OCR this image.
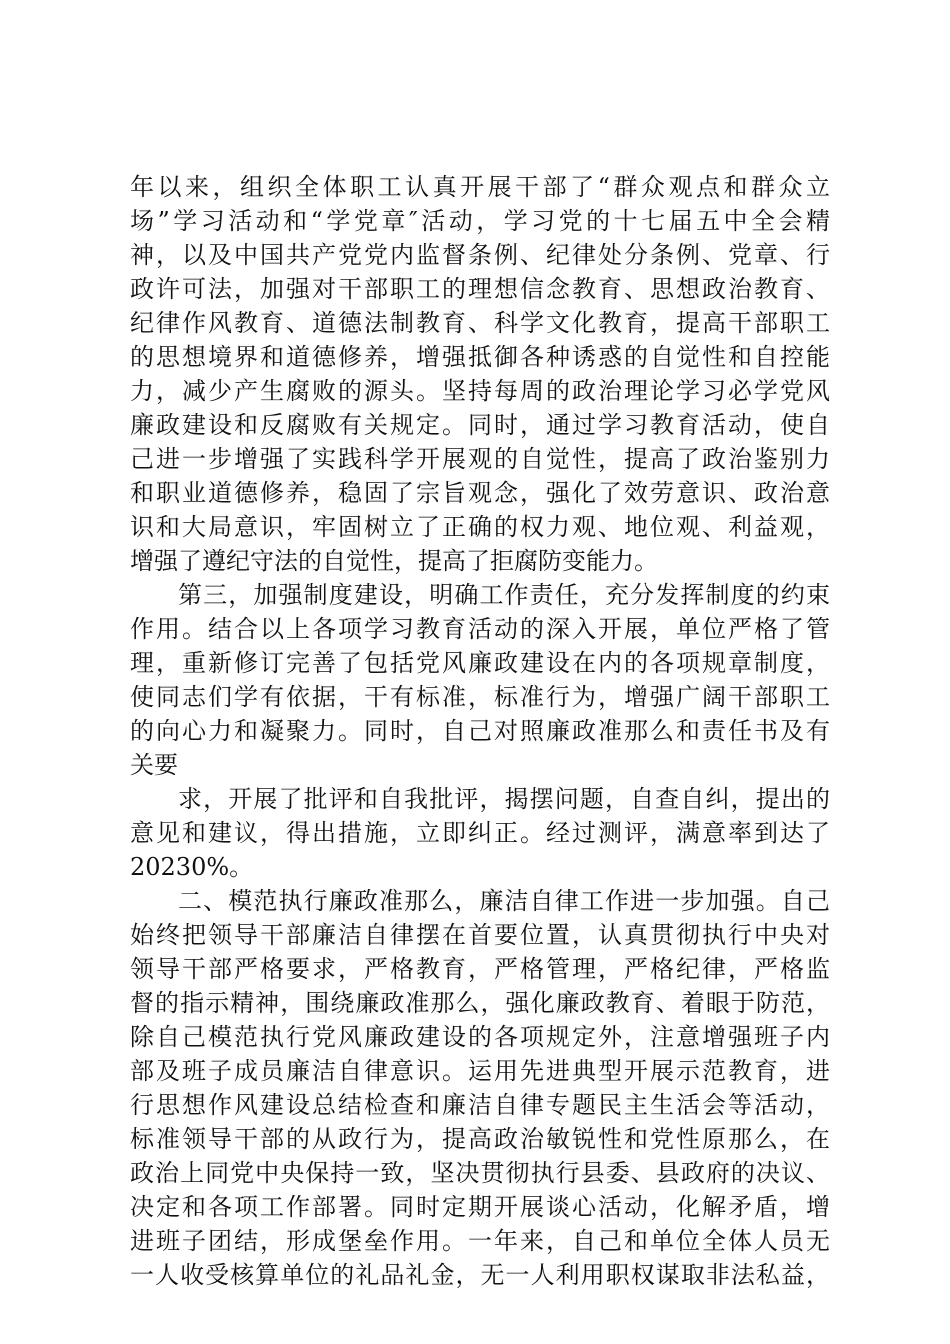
年以来，组织全体职工认真开展干部了“群众观点和群众立
场”学习活动和“学党章″活动，学习党的十七届五中全会精
神，以及中国共产党党内监督条例、纪律处分条例、党章、行
政许可法，加强对干部职工的理想信念教育、思想政治教育、
纪律作风教育、道德法制教育、科学文化教育，提高干部职工
的思想境界和道德修养，增强抵御各种诱惑的自觉性和自控能
力，减少产生腐败的源头。坚持每周的政治理论学习必学党风
廉政建设和反腐败有关规定。同时，通过学习教育活动，使自
己进一步增强了实践科学开展观的自觉性，提高了政治鉴别力
和职业道德修养，稳固了宗旨观念，强化了效劳意识、政治意
识和大局意识，牢固树立了正确的权力观、地位观、利益观，
增强了遵纪守法的自觉性，提高了拒腐防变能力。
第三，加强制度建设，明确工作责任，充分发挥制度的约束
作用。结合以上各项学习教育活动的深入开展，单位严格了管
理，重新修订完善了包括党风廉政建设在内的各项规章制度，
使同志们学有依据，干有标准，标准行为，增强广阔干部职工
的向心力和凝聚力。同时，自己对照廉政准那么和责任书及有
关要
求，开展了批评和自我批评，揭摆问题，自查自纠，提出的
意见和建议，得出措施，立即纠正。经过测评，满意率到达了
20230%。
二、模范执行廉政准那么，廉洁自律工作进一步加强。自己
始终把领导干部廉洁自律摆在首要位置，认真贯彻执行中央对
领导干部严格要求，严格教育，严格管理，严格纪律，严格监
督的指示精神，围绕廉政准那么，强化廉政教育、着眼于防范，
除自己模范执行党风廉政建设的各项规定外，注意增强班子内
部及班子成员廉洁自律意识。运用先进典型开展示范教育，进
行思想作风建设总结检查和廉洁自律专题民主生活会等活动，
标准领导干部的从政行为，提高政治敏锐性和党性原那么，在
政治上同党中央保持一致，坚决贯彻执行县委、县政府的决议、
决定和各项工作部署。同时定期开展谈心活动，化解矛盾，增
进班子团结，形成堡垒作用。一年来，自己和单位全体人员无
一人收受核算单位的礼品礼金，无一人利用职权谋取非法私益，
